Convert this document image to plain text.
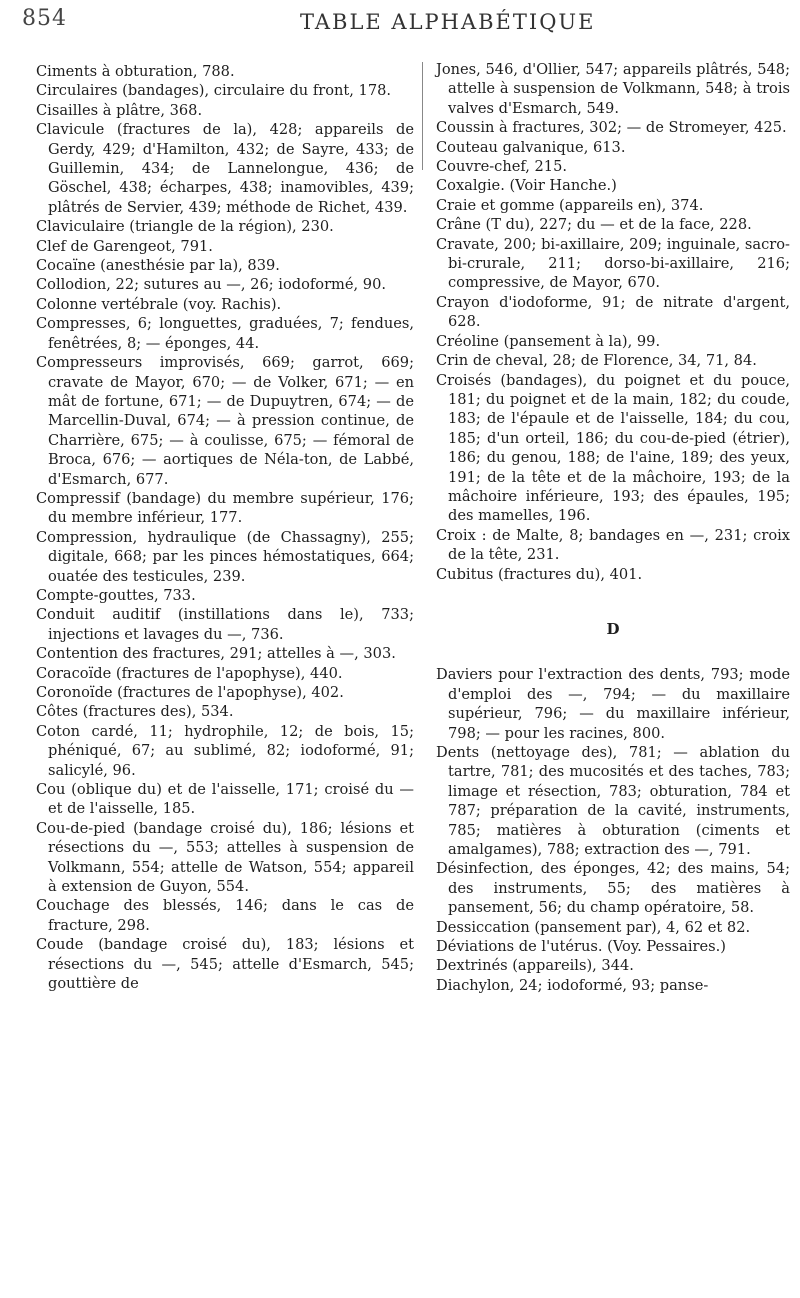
854	TABLE ALPHABÉTIQUE

Ciments à obturation, 788.

Circulaires (bandages), circulaire du front, 178.

Cisailles à plâtre, 368.

Clavicule (fractures de la), 428; appareils de Gerdy, 429; d'Hamilton, 432; de Sayre, 433; de Guillemin, 434; de Lannelongue, 436; de Göschel, 438; écharpes, 438; inamovibles, 439; plâtrés de Servier, 439; méthode de Richet, 439.

Claviculaire (triangle de la région), 230.

Clef de Garengeot, 791.

Cocaïne (anesthésie par la), 839.

Collodion, 22; sutures au —, 26; iodoformé, 90.

Colonne vertébrale (voy. Rachis).

Compresses, 6; longuettes, graduées, 7; fendues, fenêtrées, 8; — éponges, 44.

Compresseurs improvisés, 669; garrot, 669; cravate de Mayor, 670; — de Volker, 671; — en mât de fortune, 671; — de Dupuytren, 674; — de Marcellin-Duval, 674; — à pression continue, de Charrière, 675; — à coulisse, 675; — fémoral de Broca, 676; — aortiques de Néla-ton, de Labbé, d'Esmarch, 677.

Compressif (bandage) du membre supérieur, 176; du membre inférieur, 177.

Compression, hydraulique (de Chassagny), 255; digitale, 668; par les pinces hémostatiques, 664; ouatée des testicules, 239.

Compte-gouttes, 733.

Conduit auditif (instillations dans le), 733; injections et lavages du —, 736.

Contention des fractures, 291; attelles à —, 303.

Coracoïde (fractures de l'apophyse), 440.

Coronoïde (fractures de l'apophyse), 402.

Côtes (fractures des), 534.

Coton cardé, 11; hydrophile, 12; de bois, 15; phéniqué, 67; au sublimé, 82; iodoformé, 91; salicylé, 96.

Cou (oblique du) et de l'aisselle, 171; croisé du — et de l'aisselle, 185.

Cou-de-pied (bandage croisé du), 186; lésions et résections du —, 553; attelles à suspension de Volkmann, 554; attelle de Watson, 554; appareil à extension de Guyon, 554.

Couchage des blessés, 146; dans le cas de fracture, 298.

Coude (bandage croisé du), 183; lésions et résections du —, 545; attelle d'Esmarch, 545; gouttière de

Jones, 546, d'Ollier, 547; appareils plâtrés, 548; attelle à suspension de Volkmann, 548; à trois valves d'Esmarch, 549.

Coussin à fractures, 302; — de Stromeyer, 425.

Couteau galvanique, 613.

Couvre-chef, 215.

Coxalgie. (Voir Hanche.)

Craie et gomme (appareils en), 374.

Crâne (T du), 227; du — et de la face, 228.

Cravate, 200; bi-axillaire, 209; inguinale, sacro-bi-crurale, 211; dorso-bi-axillaire, 216; compressive, de Mayor, 670.

Crayon d'iodoforme, 91; de nitrate d'argent, 628.

Créoline (pansement à la), 99.

Crin de cheval, 28; de Florence, 34, 71, 84.

Croisés (bandages), du poignet et du pouce, 181; du poignet et de la main, 182; du coude, 183; de l'épaule et de l'aisselle, 184; du cou, 185; d'un orteil, 186; du cou-de-pied (étrier), 186; du genou, 188; de l'aine, 189; des yeux, 191; de la tête et de la mâchoire, 193; de la mâchoire inférieure, 193; des épaules, 195; des mamelles, 196.

Croix : de Malte, 8; bandages en —, 231; croix de la tête, 231.

Cubitus (fractures du), 401.

D

Daviers pour l'extraction des dents, 793; mode d'emploi des —, 794; — du maxillaire supérieur, 796; — du maxillaire inférieur, 798; — pour les racines, 800.

Dents (nettoyage des), 781; — ablation du tartre, 781; des mucosités et des taches, 783; limage et résection, 783; obturation, 784 et 787; préparation de la cavité, instruments, 785; matières à obturation (ciments et amalgames), 788; extraction des —, 791.

Désinfection, des éponges, 42; des mains, 54; des instruments, 55; des matières à pansement, 56; du champ opératoire, 58.

Dessiccation (pansement par), 4, 62 et 82.

Déviations de l'utérus. (Voy. Pessaires.)

Dextrinés (appareils), 344.

Diachylon, 24; iodoformé, 93; panse-
